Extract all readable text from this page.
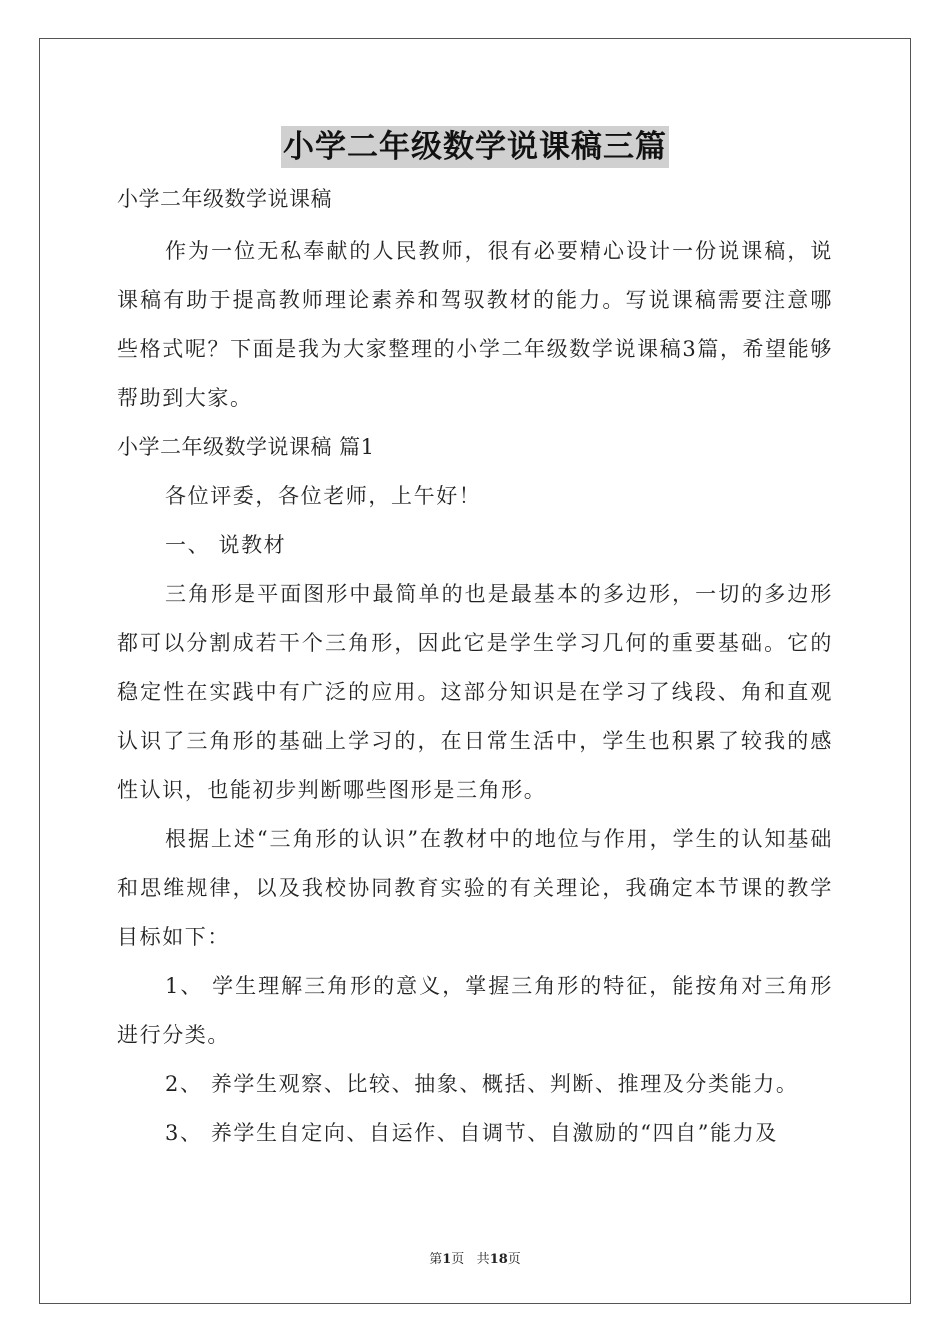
小学二年级数学说课稿三篇

小学二年级数学说课稿

作为一位无私奉献的人民教师，很有必要精心设计一份说课稿，说课稿有助于提高教师理论素养和驾驭教材的能力。写说课稿需要注意哪些格式呢？下面是我为大家整理的小学二年级数学说课稿3篇，希望能够帮助到大家。

小学二年级数学说课稿 篇1

各位评委，各位老师，上午好！

一、 说教材

三角形是平面图形中最简单的也是最基本的多边形，一切的多边形都可以分割成若干个三角形，因此它是学生学习几何的重要基础。它的稳定性在实践中有广泛的应用。这部分知识是在学习了线段、角和直观认识了三角形的基础上学习的，在日常生活中，学生也积累了较我的感性认识，也能初步判断哪些图形是三角形。

根据上述“三角形的认识”在教材中的地位与作用，学生的认知基础和思维规律，以及我校协同教育实验的有关理论，我确定本节课的教学目标如下：

1、 学生理解三角形的意义，掌握三角形的特征，能按角对三角形进行分类。

2、 养学生观察、比较、抽象、概括、判断、推理及分类能力。

3、 养学生自定向、自运作、自调节、自激励的“四自”能力及

第1页 共18页
